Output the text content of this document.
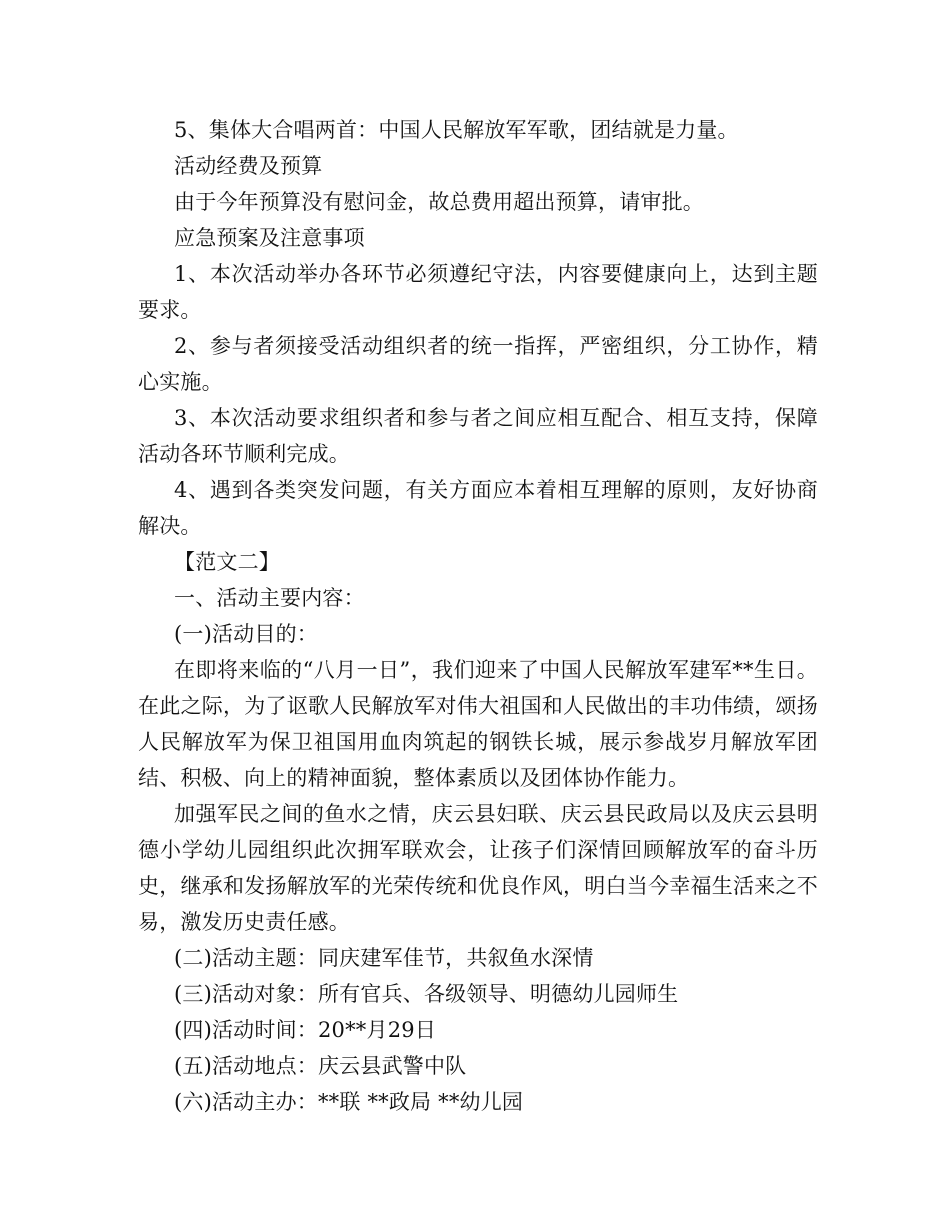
5、集体大合唱两首：中国人民解放军军歌，团结就是力量。

活动经费及预算

由于今年预算没有慰问金，故总费用超出预算，请审批。

应急预案及注意事项

1、本次活动举办各环节必须遵纪守法，内容要健康向上，达到主题要求。

2、参与者须接受活动组织者的统一指挥，严密组织，分工协作，精心实施。

3、本次活动要求组织者和参与者之间应相互配合、相互支持，保障活动各环节顺利完成。

4、遇到各类突发问题，有关方面应本着相互理解的原则，友好协商解决。

【范文二】

一、活动主要内容：

(一)活动目的：

在即将来临的“八月一日”，我们迎来了中国人民解放军建军**生日。在此之际，为了讴歌人民解放军对伟大祖国和人民做出的丰功伟绩，颂扬人民解放军为保卫祖国用血肉筑起的钢铁长城，展示参战岁月解放军团结、积极、向上的精神面貌，整体素质以及团体协作能力。

加强军民之间的鱼水之情，庆云县妇联、庆云县民政局以及庆云县明德小学幼儿园组织此次拥军联欢会，让孩子们深情回顾解放军的奋斗历史，继承和发扬解放军的光荣传统和优良作风，明白当今幸福生活来之不易，激发历史责任感。

(二)活动主题：同庆建军佳节，共叙鱼水深情

(三)活动对象：所有官兵、各级领导、明德幼儿园师生

(四)活动时间：20**月29日

(五)活动地点：庆云县武警中队

(六)活动主办：**联 **政局 **幼儿园
